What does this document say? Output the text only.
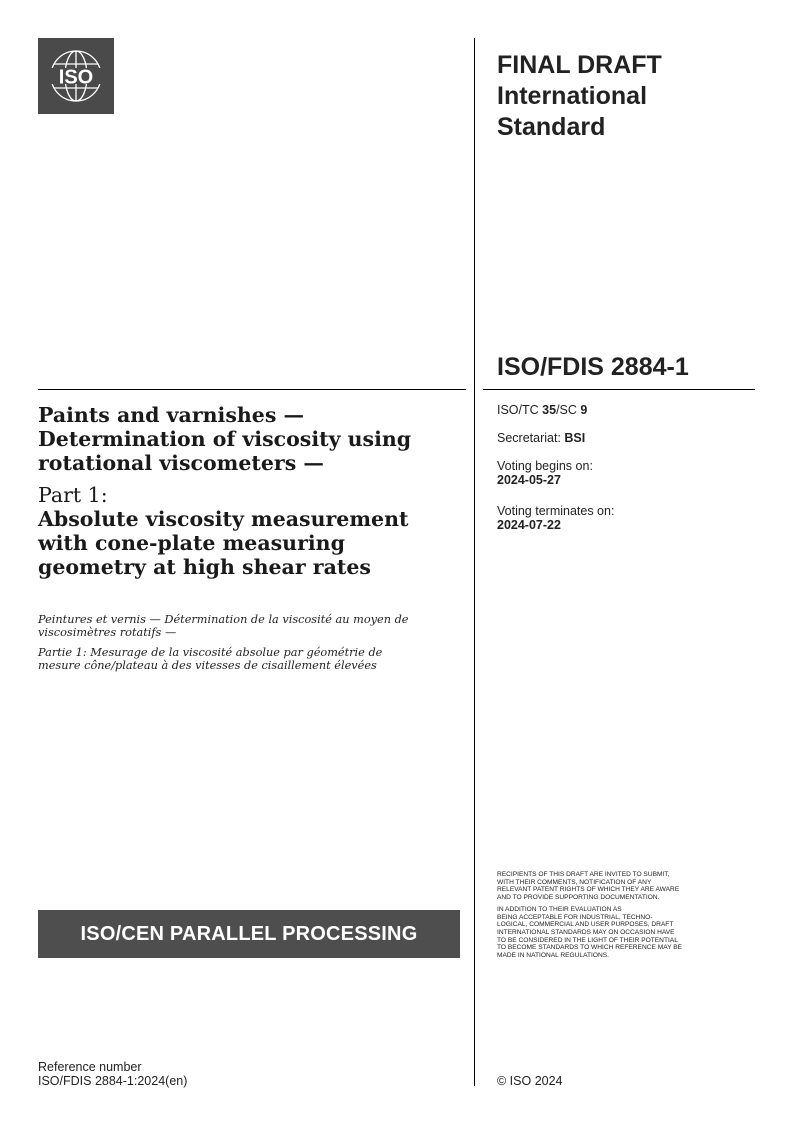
ISO	FINAL DRAFT
International
Standard
ISO/FDIS 2884-1
ISO/TC 35/SC 9
Secretariat: BSI
Voting begins on:
2024-05-27
Voting terminates on:
2024-07-22
Paints and varnishes —
Determination of viscosity using
rotational viscometers —
Part 1:
Absolute viscosity measurement
with cone-plate measuring
geometry at high shear rates
Peintures et vernis — Détermination de la viscosité au moyen de
viscosimètres rotatifs —
Partie 1: Mesurage de la viscosité absolue par géométrie de
mesure cône/plateau à des vitesses de cisaillement élevées
ISO/CEN PARALLEL PROCESSING

RECIPIENTS OF THIS DRAFT ARE INVITED TO SUBMIT,
WITH THEIR COMMENTS, NOTIFICATION OF ANY
RELEVANT PATENT RIGHTS OF WHICH THEY ARE AWARE
AND TO PROVIDE SUPPORTING DOCUMENTATION.

IN ADDITION TO THEIR EVALUATION AS
BEING ACCEPTABLE FOR INDUSTRIAL, TECHNO-
LOGICAL, COMMERCIAL AND USER PURPOSES, DRAFT
INTERNATIONAL STANDARDS MAY ON OCCASION HAVE
TO BE CONSIDERED IN THE LIGHT OF THEIR POTENTIAL
TO BECOME STANDARDS TO WHICH REFERENCE MAY BE
MADE IN NATIONAL REGULATIONS.

Reference number
ISO/FDIS 2884-1:2024(en)	© ISO 2024
